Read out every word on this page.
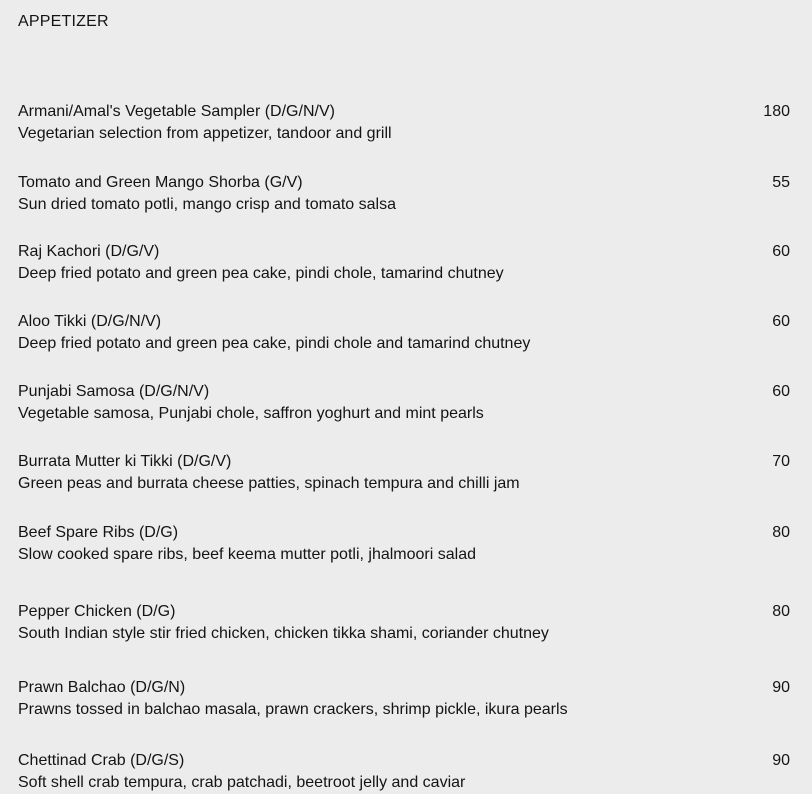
APPETIZER
Armani/Amal's Vegetable Sampler (D/G/N/V)	180
Vegetarian selection from appetizer, tandoor and grill
Tomato and Green Mango Shorba (G/V)	55
Sun dried tomato potli, mango crisp and tomato salsa
Raj Kachori (D/G/V)	60
Deep fried potato and green pea cake, pindi chole, tamarind chutney
Aloo Tikki (D/G/N/V)	60
Deep fried potato and green pea cake, pindi chole and tamarind chutney
Punjabi Samosa (D/G/N/V)	60
Vegetable samosa, Punjabi chole, saffron yoghurt and mint pearls
Burrata Mutter ki Tikki (D/G/V)	70
Green peas and burrata cheese patties, spinach tempura and chilli jam
Beef Spare Ribs (D/G)	80
Slow cooked spare ribs, beef keema mutter potli, jhalmoori salad
Pepper Chicken (D/G)	80
South Indian style stir fried chicken, chicken tikka shami, coriander chutney
Prawn Balchao (D/G/N)	90
Prawns tossed in balchao masala, prawn crackers, shrimp pickle, ikura pearls
Chettinad Crab (D/G/S)	90
Soft shell crab tempura, crab patchadi, beetroot jelly and caviar
